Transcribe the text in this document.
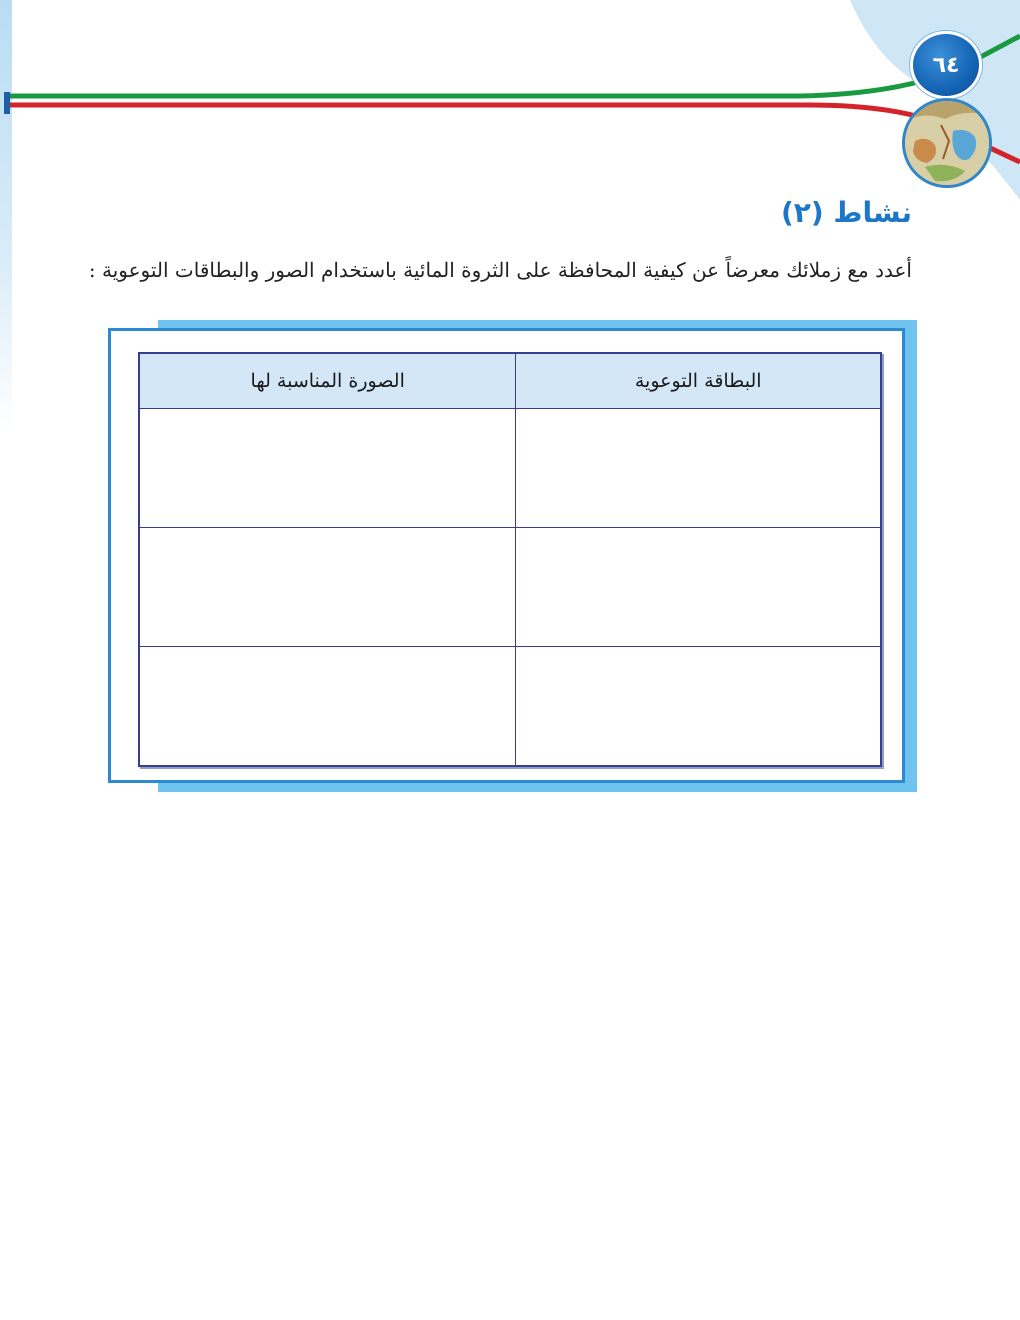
٦٤
نشاط (٢)
أعدد مع زملائك معرضاً عن كيفية المحافظة على الثروة المائية باستخدام الصور والبطاقات التوعوية :
البطاقة التوعوية	الصورة المناسبة لها
